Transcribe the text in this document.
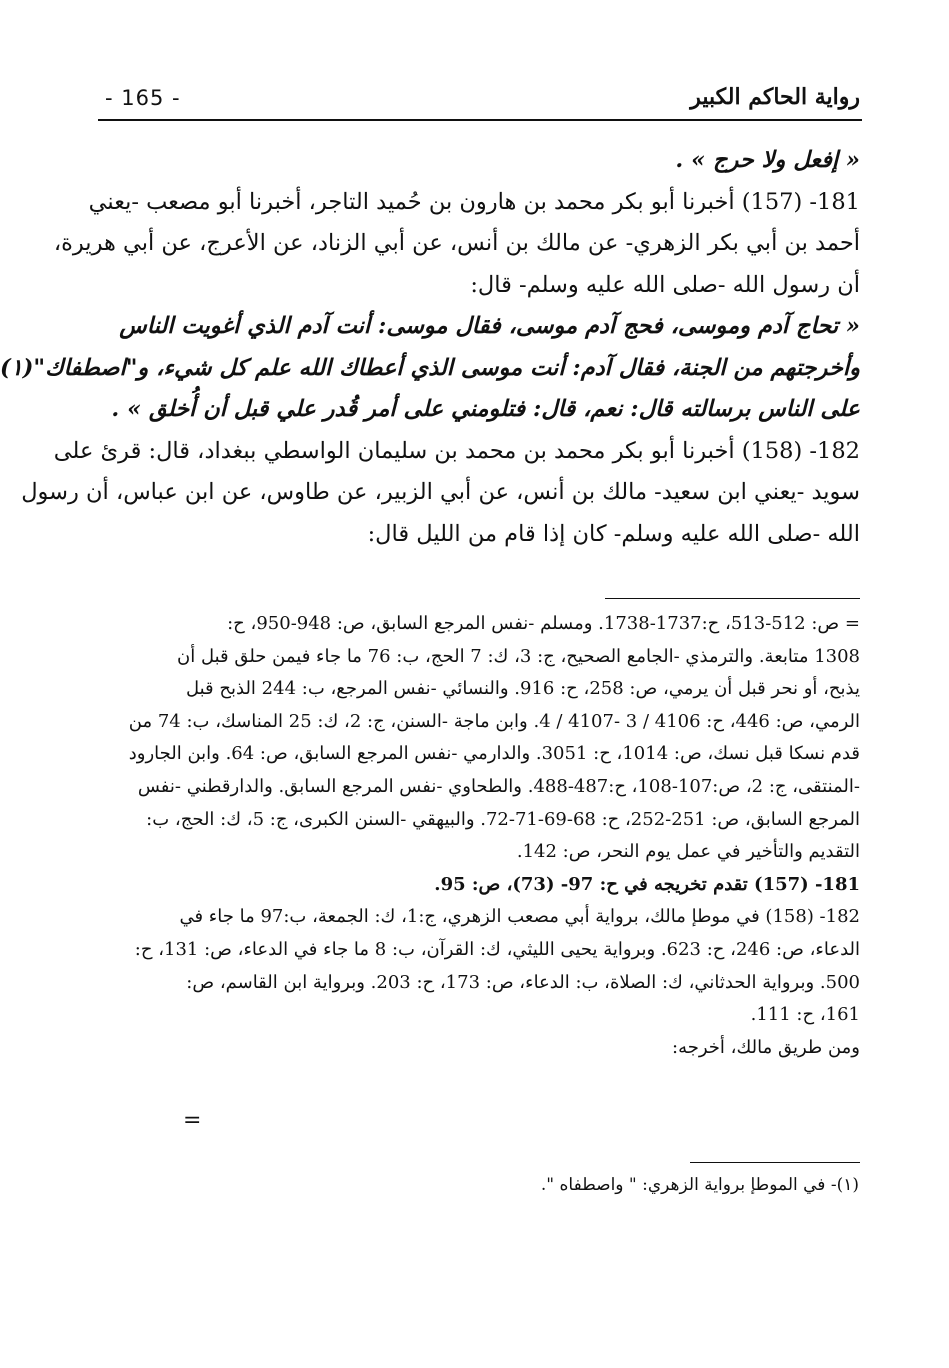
- 165 -	رواية الحاكم الكبير

« إفعل ولا حرج » .

181- (157) أخبرنا أبو بكر محمد بن هارون بن حُميد التاجر، أخبرنا أبو مصعب -يعني

أحمد بن أبي بكر الزهري- عن مالك بن أنس، عن أبي الزناد، عن الأعرج، عن أبي هريرة،

أن رسول الله -صلى الله عليه وسلم- قال:

« تحاج آدم وموسى، فحج آدم موسى، فقال موسى: أنت آدم الذي أغويت الناس

وأخرجتهم من الجنة، فقال آدم: أنت موسى الذي أعطاك الله علم كل شيء، و"اصطفاك"(١)

على الناس برسالته قال: نعم، قال: فتلومني على أمر قُدر علي قبل أن أُخلق » .

182- (158) أخبرنا أبو بكر محمد بن محمد بن سليمان الواسطي ببغداد، قال: قرئ على

سويد -يعني ابن سعيد- مالك بن أنس، عن أبي الزبير، عن طاوس، عن ابن عباس، أن رسول

الله -صلى الله عليه وسلم- كان إذا قام من الليل قال:

= ص: 512-513، ح:1737-1738. ومسلم -نفس المرجع السابق، ص: 948-950، ح:

1308 متابعة. والترمذي -الجامع الصحيح، ج: 3، ك: 7 الحج، ب: 76 ما جاء فيمن حلق قبل أن

يذبح، أو نحر قبل أن يرمي، ص: 258، ح: 916. والنسائي -نفس المرجع، ب: 244 الذبح قبل

الرمي، ص: 446، ح: 4106 / 3 -4107 / 4. وابن ماجة -السنن، ج: 2، ك: 25 المناسك، ب: 74 من

قدم نسكا قبل نسك، ص: 1014، ح: 3051. والدارمي -نفس المرجع السابق، ص: 64. وابن الجارود

-المنتقى، ج: 2، ص:107-108، ح:487-488. والطحاوي -نفس المرجع السابق. والدارقطني -نفس

المرجع السابق، ص: 251-252، ح: 68-69-71-72. والبيهقي -السنن الكبرى، ج: 5، ك: الحج، ب:

التقديم والتأخير في عمل يوم النحر، ص: 142.

181- (157) تقدم تخريجه في ح: 97- (73)، ص: 95.

182- (158) في موطإ مالك، برواية أبي مصعب الزهري، ج:1، ك: الجمعة، ب:97 ما جاء في

الدعاء، ص: 246، ح: 623. وبرواية يحيى الليثي، ك: القرآن، ب: 8 ما جاء في الدعاء، ص: 131، ح:

500. وبرواية الحدثاني، ك: الصلاة، ب: الدعاء، ص: 173، ح: 203. وبرواية ابن القاسم، ص:

161، ح: 111.

ومن طريق مالك، أخرجه:

=
(١)- في الموطإ برواية الزهري: " واصطفاه ".
